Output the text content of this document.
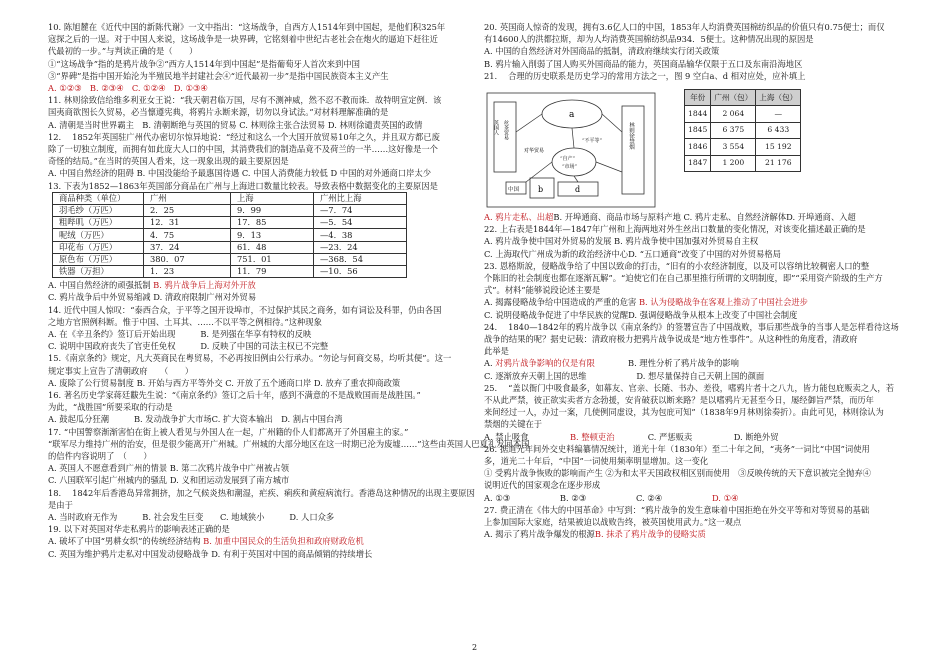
10. 陈旭麓在《近代中国的新陈代谢》一文中指出：“这场战争，自西方人1514年到中国起，是他们积325年

寇探之后的一逞。对于中国人来说，这场战争是一块界碑，它铭刻着中世纪古老社会在炮火的逼迫下赶往近

代最初的一步。”与判读正确的是（　　）

①“这场战争”指的是鸦片战争②“西方人1514年到中国起”是指葡萄牙人首次来到中国

③“界碑”是指中国开始沦为半殖民地半封建社会④“近代最初一步”是指中国民族资本主义产生

A. ①②③　B. ②③④　C. ①②④　D. ①③④

11. 林则徐致信给维多利亚女王说：“我天朝君临万国，尽有不测神威，然不忍不教而诛．故特明宣定例．该

国夷商欲图长久贸易，必当懔遵宪典，将鸦片永断来源，切勿以身试法。”对材料理解准确的是

A. 清朝是当时世界霸主　B. 清朝断绝与英国的贸易 C. 林则徐主张合法贸易 D. 林则徐谴责英国的政情

12. 　1852年英国驻广州代办密切尔惊异地说：“经过和这么一个大国开放贸易10年之久，并且双方都已废

除了一切独立制度，而拥有如此庞大人口的中国，其消费我们的制造品竟不及荷兰的一半……这好像是一个

奇怪的结局。”在当时的英国人看来，这一现象出现的最主要原因是

A. 中国自然经济的阻碍 B. 中国没能给予最惠国待遇 C. 中国人消费能力较低 D 中国的对外通商口岸太少

13. 下表为1852—1863年英国部分商品在广州与上海进口数量比较表。导致表格中数据变化的主要原因是

商品种类（单位）	广州	上海	广州比上海
羽毛纱（万匹）	2．25	9．99	—7．74
粗哔叽（万匹）	12．31	17．85	—5．54
呢绒（万匹）	4．75	9．13	—4．38
印花布（万匹）	37．24	61．48	—23．24
原色布（万匹）	380．07	751．01	—368．54
铁器（万担）	1．23	11．79	—10．56

A. 中国自然经济的顽强抵制 B. 鸦片战争后上海对外开放

C. 鸦片战争后中外贸易缩减 D. 清政府限制广州对外贸易

14. 近代中国人惊叹：“泰西合众，于平等之国开设埠市，不过保护其民之商务，如有词讼及科罪，仍由各国

之地方官照例科断。惟于中国、土耳其、……不以平等之例相待。”这种现象

A. 在《辛丑条约》签订后开始出现　　　B. 是列强在华享有特权的反映

C. 说明中国政府丧失了官吏任免权　　　D. 反映了中国的司法主权已不完整

15.《南京条约》规定，凡大英商民在粤贸易，不必再按旧例由公行承办。“勿论与何商交易，均听其便”。这一

规定事实上宣告了清朝政府　　（　　）

A. 废除了公行贸易制度 B. 开始与西方平等外交 C. 开放了五个通商口岸 D. 放弃了重农抑商政策

16. 著名历史学家蒋廷黻先生说：“《南京条约》签订之后十年，感到不满意的不是战败国而是战胜国。”

为此，“战胜国”所要采取的行动是

A. 鼓起瓜分狂潮　　　B. 发动战争扩大市场C. 扩大资本输出　D. 割占中国台湾

17. “中国警察渐渐害怕在街上被人看见与外国人在一起，广州籍的仆人们都离开了外国雇主的家。”

“联军尽力维持广州的治安，但是很少能离开广州城。广州城的大部分地区在这一时期已沦为废墟……”这些由英国人巴夏礼发回本国

的信件内容说明了　（　　）

A. 英国人不愿意看到广州的情景 B. 第二次鸦片战争中广州被占领

C. 八国联军引起广州城内的骚乱 D. 义和团运动发展到了南方城市

18. 　1842年后香港岛异常拥挤，加之气候炎热和潮湿，疟疾、痢疾和黄痘病流行。香港岛这种情况的出现主要原因

是由于

A. 当时政府无作为　　　B. 社会发生巨变　　C. 地域狭小　　　D. 人口众多

19. 以下对英国对华走私鸦片的影响表述正确的是

A. 破坏了中国“男耕女织”的传统经济结构 B. 加重中国民众的生活负担和政府财政危机

C. 英国为维护鸦片走私对中国发动侵略战争 D. 有利于英国对中国的商品倾销的持续增长

20. 英国商人惊奇的发现，拥有3.6亿人口的中国，1853年人均消费英国棉纺织品的价值只有0.75便士；而仅

有14600人的洪都拉斯，却为人均消费英国棉纺织品934．5便士。这种情况出现的原因是

A. 中国的自然经济对外国商品的抵制，清政府继续实行闭关政策

B. 鸦片输入削弱了国人购买外国商品的能力，英国商品输华仅限于五口及东南沿海地区

21. 　合理的历史联系是历史学习的常用方法之一，图 9 空白a、d 相对应处，应补填上

a
b	d
中国
“自产”
“市场”
英国人 丝茶贸易
“不平等”
对华贸易
林则徐禁烟
年份	广州（包）	上海（包）
1844	2 064	—
1845	6 375	6 433
1846	3 554	15 192
1847	1 200	21 176

A. 鸦片走私、出超B. 开埠通商、商品市场与原料产地 C. 鸦片走私、自然经济解体D. 开埠通商、入超

22. 上右表是1844年—1847年广州和上海两地对外生丝出口数量的变化情况，对该变化描述最正确的是

A. 鸦片战争使中国对外贸易的发展 B. 鸦片战争使中国加强对外贸易自主权

C. 上海取代广州成为新的政治经济中心D. “五口通商”改变了中国的对外贸易格局

23. 恩格斯說，侵略战争给了中国以致命的打击，“旧有的小农经济制度，以及可以容纳比较稠密人口的整

个陈旧的社会制度也都在逐渐瓦解”。“迫使它们在自己那里推行所谓的文明制度，即”“采用资产阶级的生产方

式”。材料”能够说段论述主要是

A. 揭露侵略战争给中国造成的严重的危害 B. 认为侵略战争在客观上推动了中国社会进步

C. 说明侵略战争促进了中华民族的觉醒D. 强调侵略战争从根本上改变了中国社会制度

24. 　1840—1842年的鸦片战争以《南京条约》的签署宣告了中国战败，事后那些战争的当事人是怎样看待这场

战争的结果的呢？据史记载：清政府极力把鸦片战争说成是“地方性事件”。从这种性的角度看，清政府

此举是

A. 对鸦片战争影响的仅是有限　　　　B. 理性分析了鸦片战争的影响

C. 逐渐放弃天朝上国的思维　　　　　　D. 想尽量保持自己天朝上国的颜面

25. 　“盖以衙门中吸食最多，如幕友、官亲、长随、书办、差役，嗜鸦片者十之八九，皆力能包庇贩卖之人，若

不从此严禁，彼正欲实卖者方念勃援，安肯破获以断来路？是以嗜鸦片无甚至今日，屡经御旨严禁，而历年

来间经过一人，办过一案，几使例同虚设，其为包庇可知”（1838年9月林则徐奏折）。由此可见，林则徐认为

禁烟的关键在于

A. 禁止吸食　　　　　B. 整顿吏治　　　　C. 严惩贩卖　　　　　D. 断绝外贸

26. 据道光年间外交史料编纂情况统计，道光十年（1830年）至二十年之间，“夷务”一词比“中国”词使用

多，道光二十年后，“中国”一词使用频率明显增加。这一变化

① 受鸦片战争恢败的影响而产生 ②为和太平天国政权相区别而使用　③反映传统的天下意识被完全抛弃④

说明近代的国家观念在逐步形成

A. ①③　　　　　　B. ②③　　　　　　C. ②④　　　　　　D. ①④

27. 费正清在《伟大的中国革命》中写到：“鸦片战争的发生意味着中国拒绝在外交平等和对等贸易的基础

上参加国际大家庭，结果被迫以战败告终，被英国使用武力。”这一观点

A. 揭示了鸦片战争爆发的根源B. 抹杀了鸦片战争的侵略实质

2
